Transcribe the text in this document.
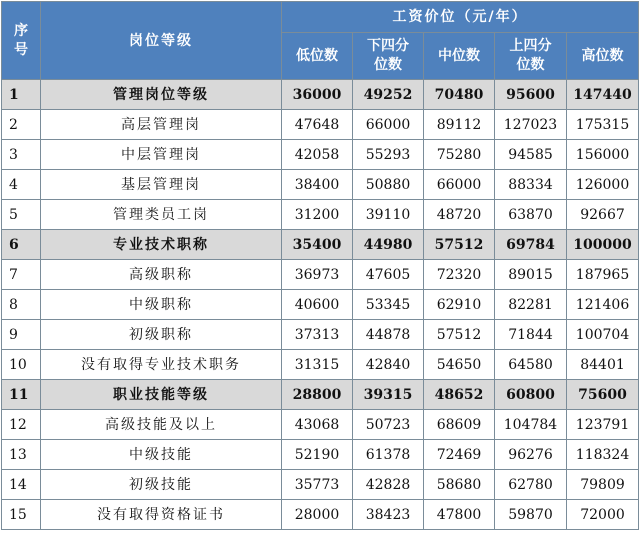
序号	岗位等级	工资价位（元/年）				
		低位数	下四分位数	中位数	上四分位数	高位数
1	管理岗位等级	36000	49252	70480	95600	147440
2	高层管理岗	47648	66000	89112	127023	175315
3	中层管理岗	42058	55293	75280	94585	156000
4	基层管理岗	38400	50880	66000	88334	126000
5	管理类员工岗	31200	39110	48720	63870	92667
6	专业技术职称	35400	44980	57512	69784	100000
7	高级职称	36973	47605	72320	89015	187965
8	中级职称	40600	53345	62910	82281	121406
9	初级职称	37313	44878	57512	71844	100704
10	没有取得专业技术职务	31315	42840	54650	64580	84401
11	职业技能等级	28800	39315	48652	60800	75600
12	高级技能及以上	43068	50723	68609	104784	123791
13	中级技能	52190	61378	72469	96276	118324
14	初级技能	35773	42828	58680	62780	79809
15	没有取得资格证书	28000	38423	47800	59870	72000
